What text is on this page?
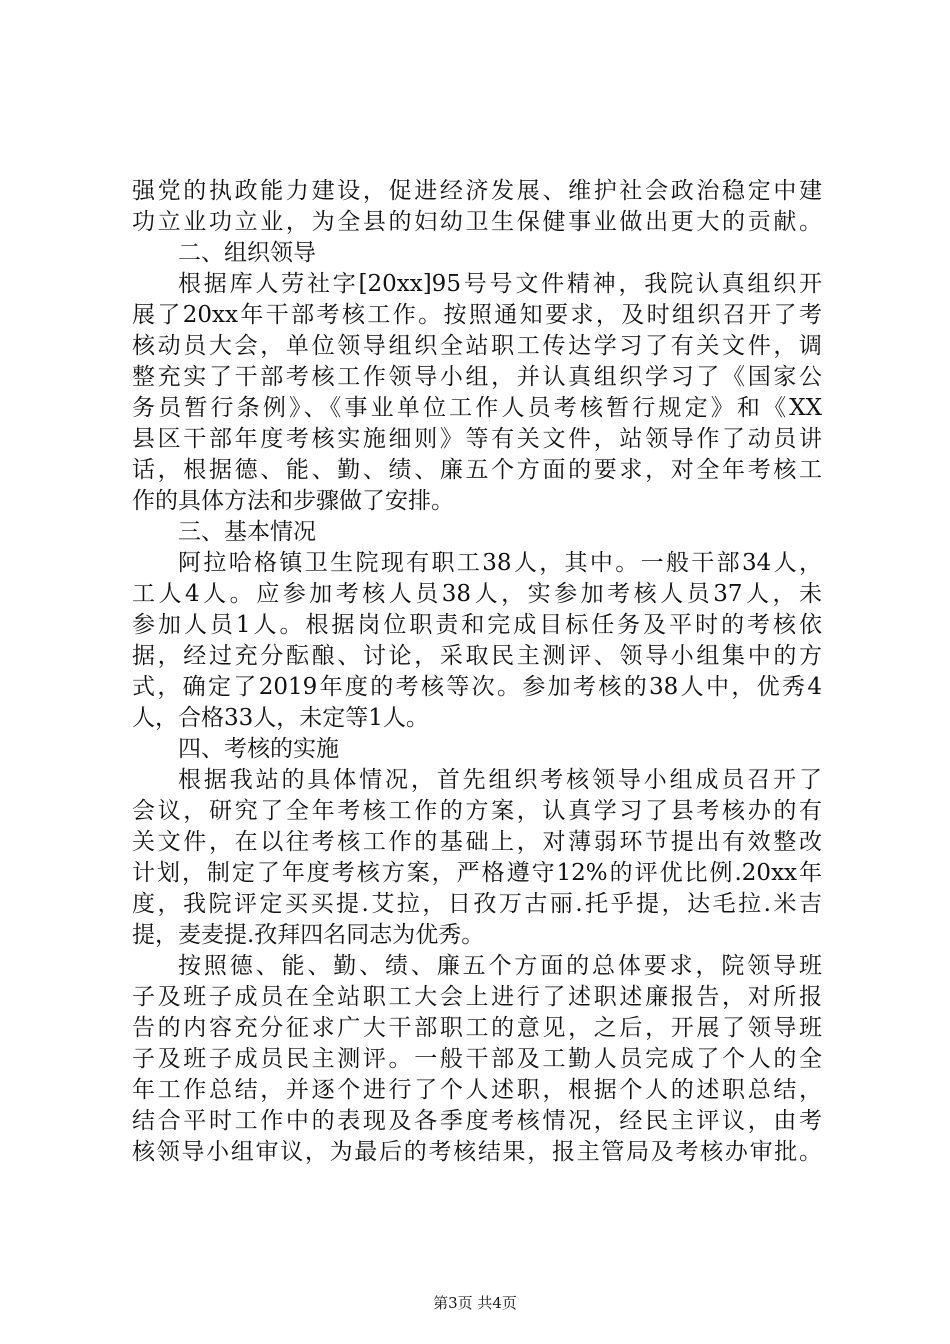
强党的执政能力建设，促进经济发展、维护社会政治稳定中建
功立业功立业，为全县的妇幼卫生保健事业做出更大的贡献。
二、组织领导
根据库人劳社字[20xx]95号号文件精神，我院认真组织开
展了20xx年干部考核工作。按照通知要求，及时组织召开了考
核动员大会，单位领导组织全站职工传达学习了有关文件，调
整充实了干部考核工作领导小组，并认真组织学习了《国家公
务员暂行条例》、《事业单位工作人员考核暂行规定》和《XX
县区干部年度考核实施细则》等有关文件，站领导作了动员讲
话，根据德、能、勤、绩、廉五个方面的要求，对全年考核工
作的具体方法和步骤做了安排。
三、基本情况
阿拉哈格镇卫生院现有职工38人，其中。一般干部34人，
工人4人。应参加考核人员38人，实参加考核人员37人，未
参加人员1人。根据岗位职责和完成目标任务及平时的考核依
据，经过充分酝酿、讨论，采取民主测评、领导小组集中的方
式，确定了2019年度的考核等次。参加考核的38人中，优秀4
人，合格33人，未定等1人。
四、考核的实施
根据我站的具体情况，首先组织考核领导小组成员召开了
会议，研究了全年考核工作的方案，认真学习了县考核办的有
关文件，在以往考核工作的基础上，对薄弱环节提出有效整改
计划，制定了年度考核方案，严格遵守12%的评优比例.20xx年
度，我院评定买买提.艾拉，日孜万古丽.托乎提，达毛拉.米吉
提，麦麦提.孜拜四名同志为优秀。
按照德、能、勤、绩、廉五个方面的总体要求，院领导班
子及班子成员在全站职工大会上进行了述职述廉报告，对所报
告的内容充分征求广大干部职工的意见，之后，开展了领导班
子及班子成员民主测评。一般干部及工勤人员完成了个人的全
年工作总结，并逐个进行了个人述职，根据个人的述职总结，
结合平时工作中的表现及各季度考核情况，经民主评议，由考
核领导小组审议，为最后的考核结果，报主管局及考核办审批。
第3页 共4页
